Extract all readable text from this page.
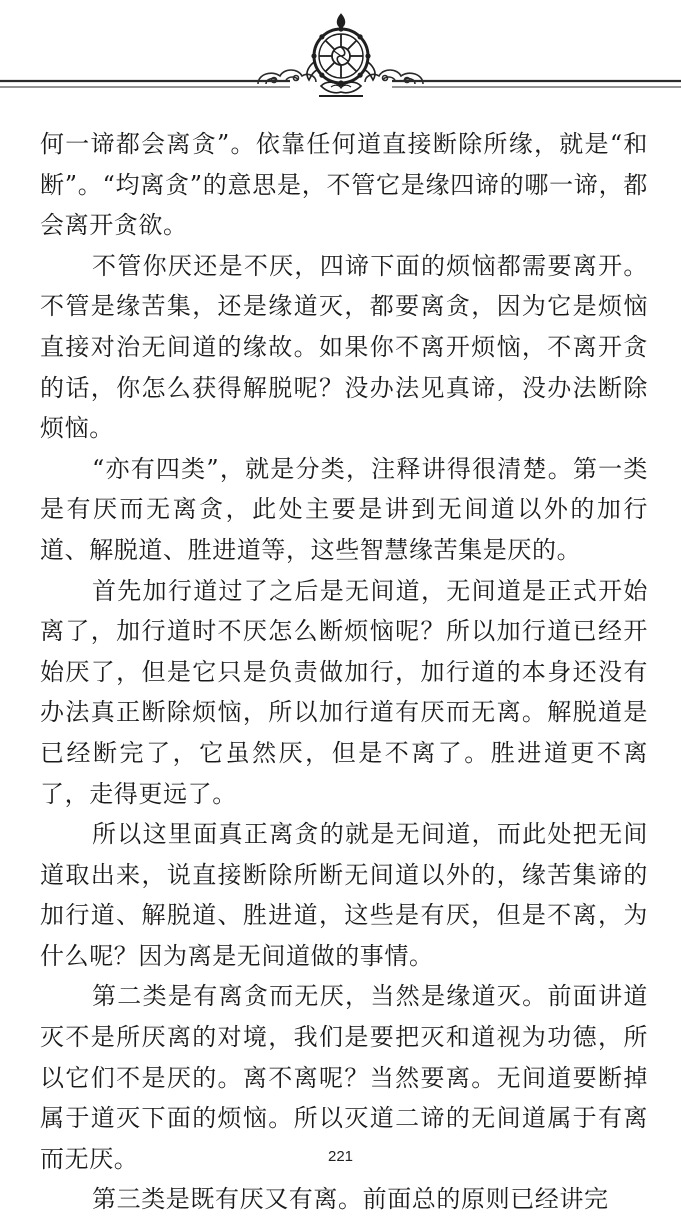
何一谛都会离贪”。依靠任何道直接断除所缘，就是“和断”。“均离贪”的意思是，不管它是缘四谛的哪一谛，都会离开贪欲。

不管你厌还是不厌，四谛下面的烦恼都需要离开。不管是缘苦集，还是缘道灭，都要离贪，因为它是烦恼直接对治无间道的缘故。如果你不离开烦恼，不离开贪的话，你怎么获得解脱呢？没办法见真谛，没办法断除烦恼。

“亦有四类”，就是分类，注释讲得很清楚。第一类是有厌而无离贪，此处主要是讲到无间道以外的加行道、解脱道、胜进道等，这些智慧缘苦集是厌的。

首先加行道过了之后是无间道，无间道是正式开始离了，加行道时不厌怎么断烦恼呢？所以加行道已经开始厌了，但是它只是负责做加行，加行道的本身还没有办法真正断除烦恼，所以加行道有厌而无离。解脱道是已经断完了，它虽然厌，但是不离了。胜进道更不离了，走得更远了。

所以这里面真正离贪的就是无间道，而此处把无间道取出来，说直接断除所断无间道以外的，缘苦集谛的加行道、解脱道、胜进道，这些是有厌，但是不离，为什么呢？因为离是无间道做的事情。

第二类是有离贪而无厌，当然是缘道灭。前面讲道灭不是所厌离的对境，我们是要把灭和道视为功德，所以它们不是厌的。离不离呢？当然要离。无间道要断掉属于道灭下面的烦恼。所以灭道二谛的无间道属于有离而无厌。

第三类是既有厌又有离。前面总的原则已经讲完

221
